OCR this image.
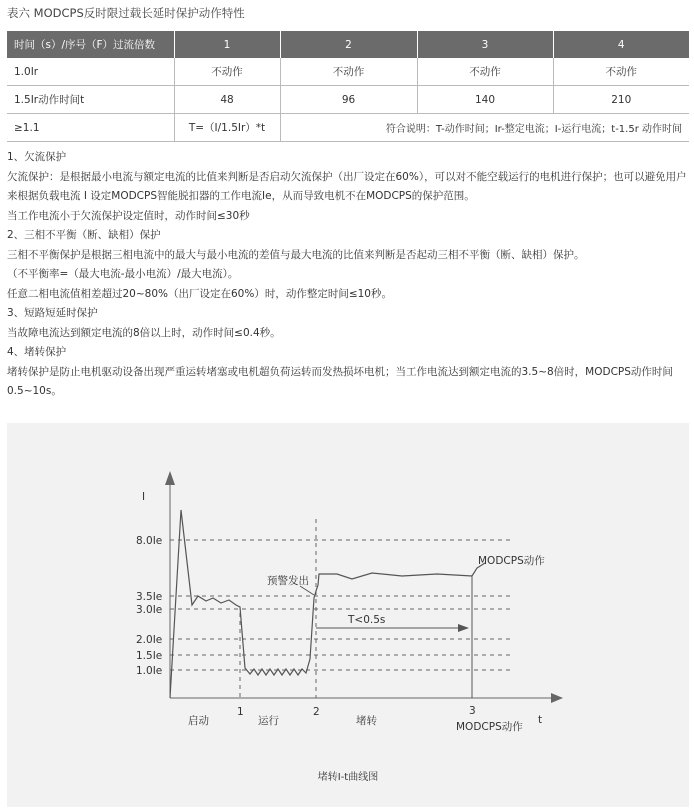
表六 MODCPS反时限过载长延时保护动作特性
时间（s）/序号（F）过流倍数	1	2	3	4
1.0Ir	不动作	不动作	不动作	不动作
1.5Ir动作时间t	48	96	140	210
≥1.1	T=（I/1.5Ir）*t	符合说明：T-动作时间；Ir-整定电流；I-运行电流；t-1.5r 动作时间		

1、欠流保护

欠流保护：是根据最小电流与额定电流的比值来判断是否启动欠流保护（出厂设定在60%），可以对不能空载运行的电机进行保护；也可以避免用户来根据负载电流 I 设定MODCPS智能脱扣器的工作电流Ie，从而导致电机不在MODCPS的保护范围。

当工作电流小于欠流保护设定值时，动作时间≤30秒

2、三相不平衡（断、缺相）保护

三相不平衡保护是根据三相电流中的最大与最小电流的差值与最大电流的比值来判断是否起动三相不平衡（断、缺相）保护。

（不平衡率=（最大电流-最小电流）/最大电流）。

任意二相电流值相差超过20~80%（出厂设定在60%）时，动作整定时间≤10秒。

3、短路短延时保护

当故障电流达到额定电流的8倍以上时，动作时间≤0.4秒。

4、堵转保护

堵转保护是防止电机驱动设备出现严重运转堵塞或电机超负荷运转而发热损坏电机；当工作电流达到额定电流的3.5~8倍时，MODCPS动作时间0.5~10s。

I
t
8.0Ie
3.5Ie
3.0Ie
2.0Ie
1.5Ie
1.0Ie
1	2	3
启动	运行	堵转	MODCPS动作
预警发出
T<0.5s
MODCPS动作
堵转I-t曲线图
